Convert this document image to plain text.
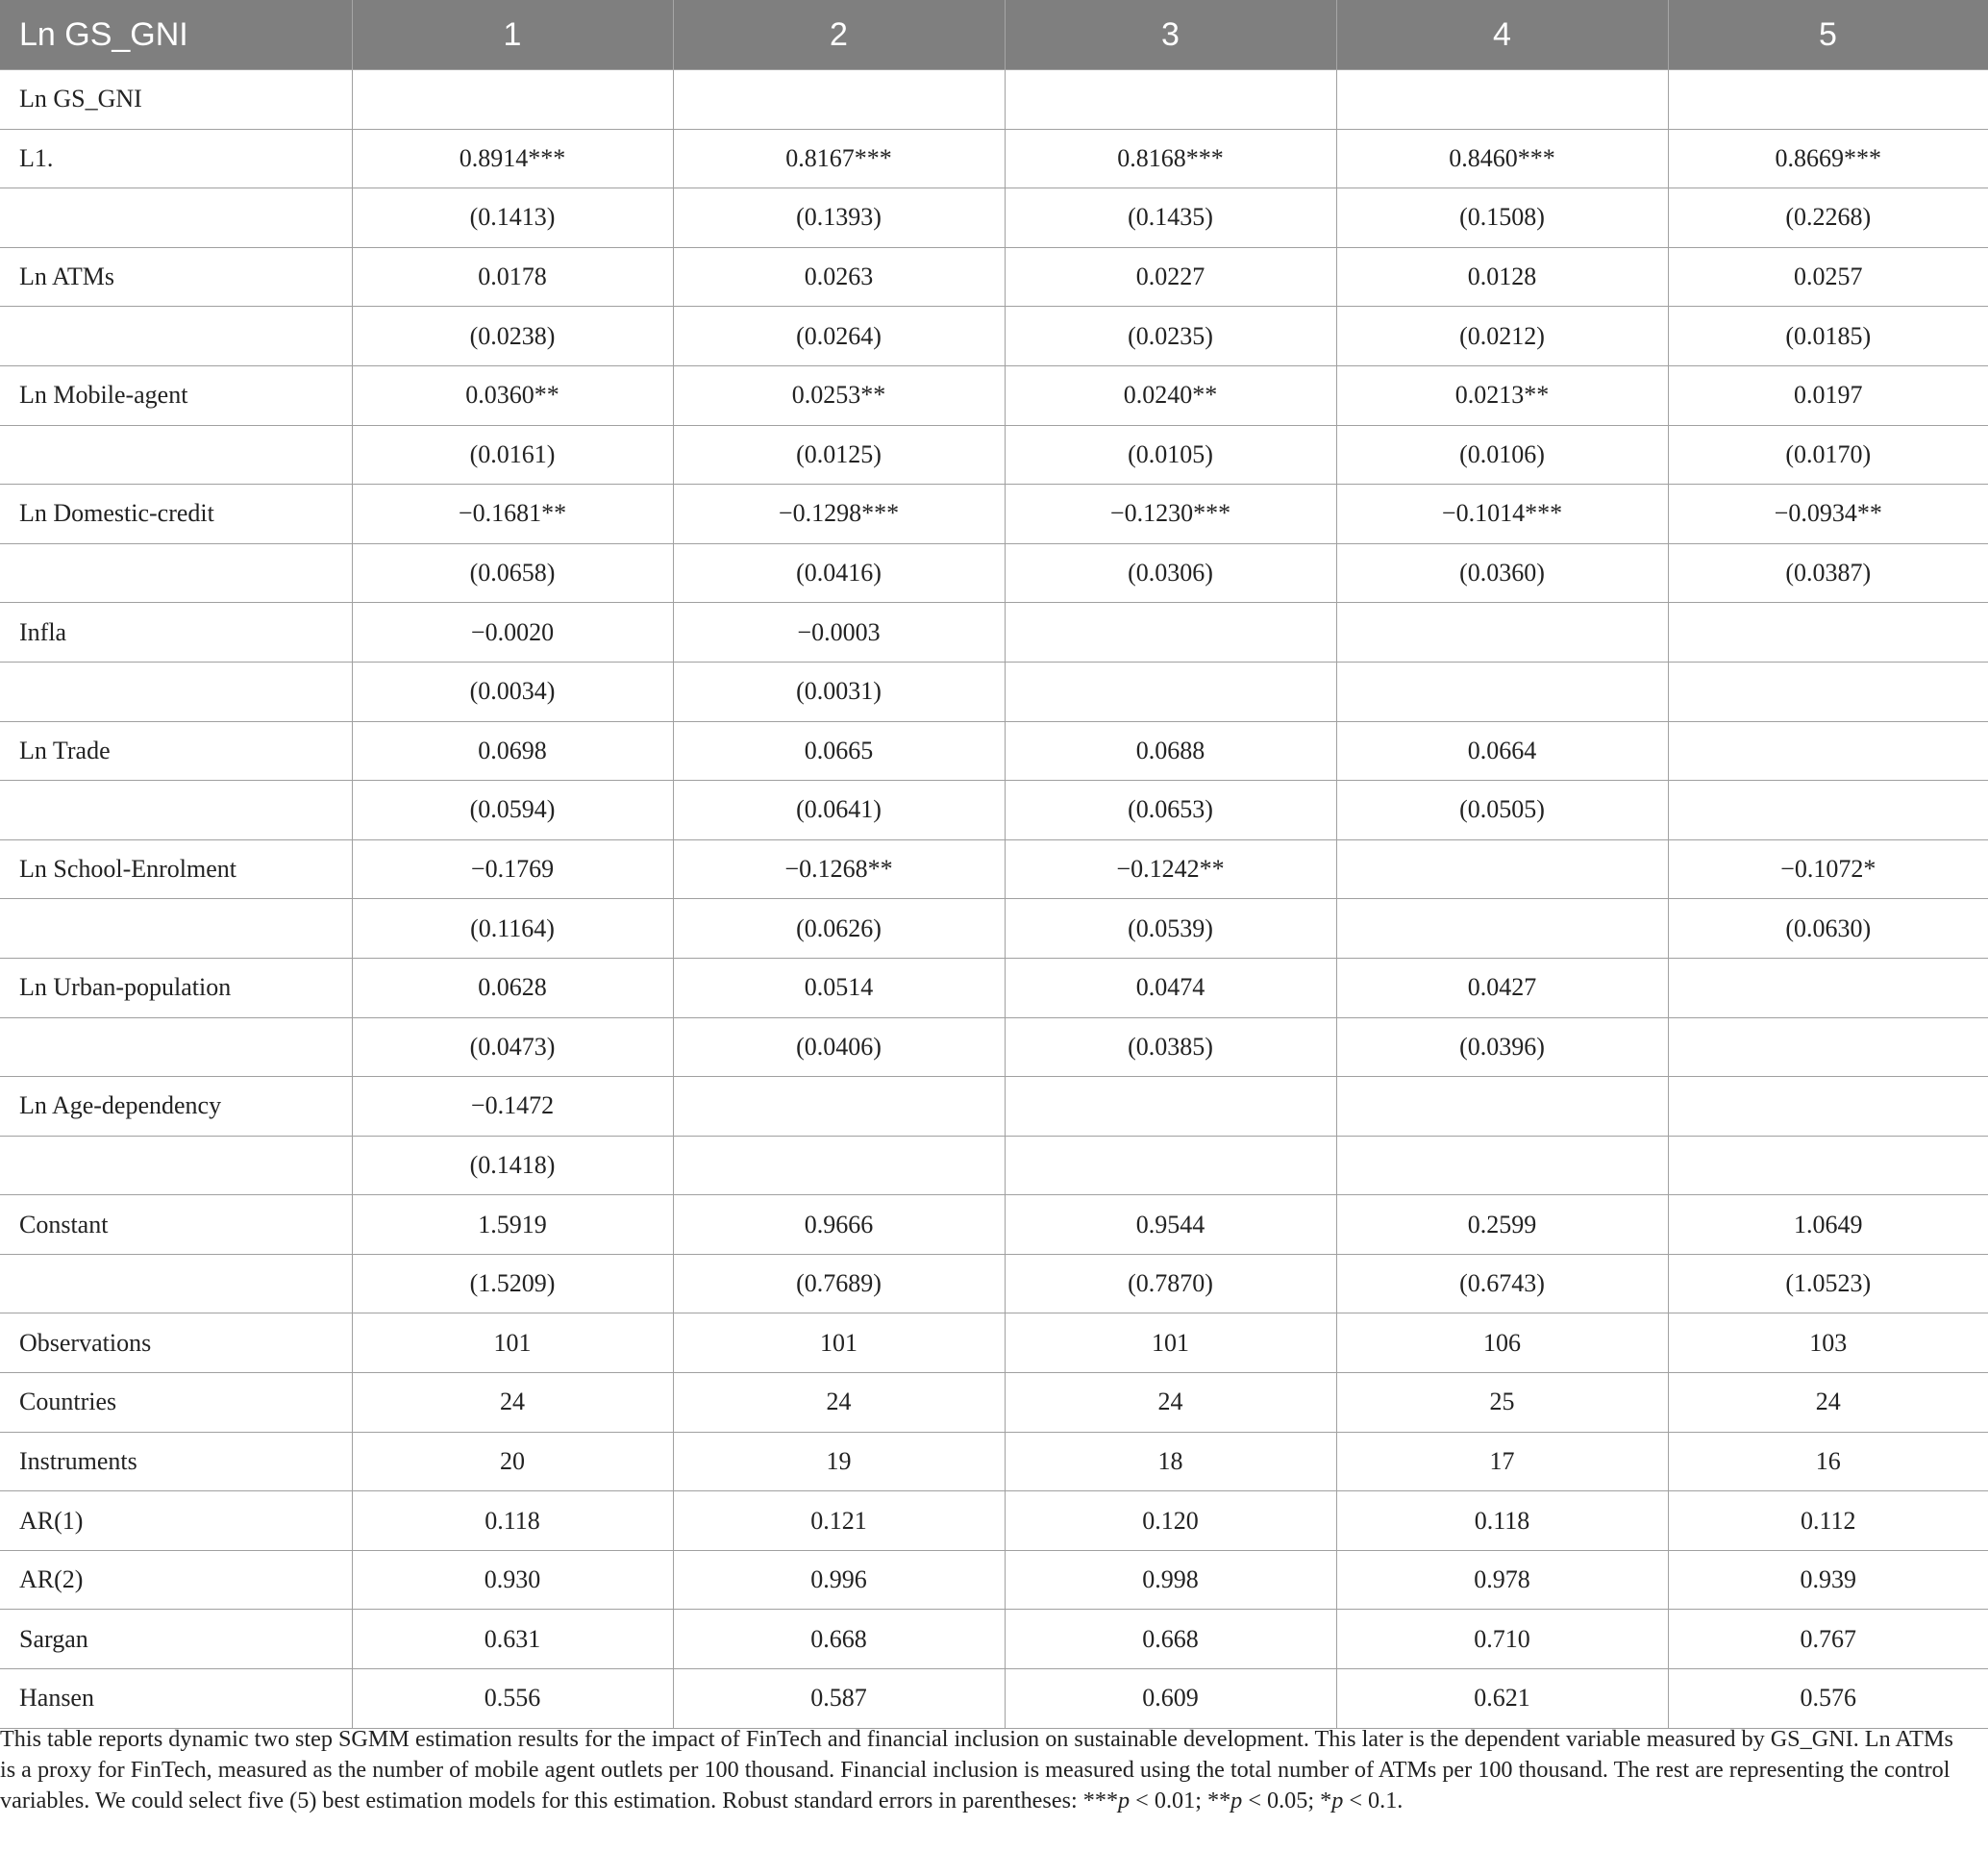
Ln GS_GNI	1	2	3	4	5
Ln GS_GNI					
L1.	0.8914***	0.8167***	0.8168***	0.8460***	0.8669***
	(0.1413)	(0.1393)	(0.1435)	(0.1508)	(0.2268)
Ln ATMs	0.0178	0.0263	0.0227	0.0128	0.0257
	(0.0238)	(0.0264)	(0.0235)	(0.0212)	(0.0185)
Ln Mobile-agent	0.0360**	0.0253**	0.0240**	0.0213**	0.0197
	(0.0161)	(0.0125)	(0.0105)	(0.0106)	(0.0170)
Ln Domestic-credit	−0.1681**	−0.1298***	−0.1230***	−0.1014***	−0.0934**
	(0.0658)	(0.0416)	(0.0306)	(0.0360)	(0.0387)
Infla	−0.0020	−0.0003			
	(0.0034)	(0.0031)			
Ln Trade	0.0698	0.0665	0.0688	0.0664	
	(0.0594)	(0.0641)	(0.0653)	(0.0505)	
Ln School-Enrolment	−0.1769	−0.1268**	−0.1242**		−0.1072*
	(0.1164)	(0.0626)	(0.0539)		(0.0630)
Ln Urban-population	0.0628	0.0514	0.0474	0.0427	
	(0.0473)	(0.0406)	(0.0385)	(0.0396)	
Ln Age-dependency	−0.1472				
	(0.1418)				
Constant	1.5919	0.9666	0.9544	0.2599	1.0649
	(1.5209)	(0.7689)	(0.7870)	(0.6743)	(1.0523)
Observations	101	101	101	106	103
Countries	24	24	24	25	24
Instruments	20	19	18	17	16
AR(1)	0.118	0.121	0.120	0.118	0.112
AR(2)	0.930	0.996	0.998	0.978	0.939
Sargan	0.631	0.668	0.668	0.710	0.767
Hansen	0.556	0.587	0.609	0.621	0.576
This table reports dynamic two step SGMM estimation results for the impact of FinTech and financial inclusion on sustainable development. This later is the dependent variable measured by GS_GNI. Ln ATMs is a proxy for FinTech, measured as the number of mobile agent outlets per 100 thousand. Financial inclusion is measured using the total number of ATMs per 100 thousand. The rest are representing the control variables. We could select five (5) best estimation models for this estimation. Robust standard errors in parentheses: ***p < 0.01; **p < 0.05; *p < 0.1.
